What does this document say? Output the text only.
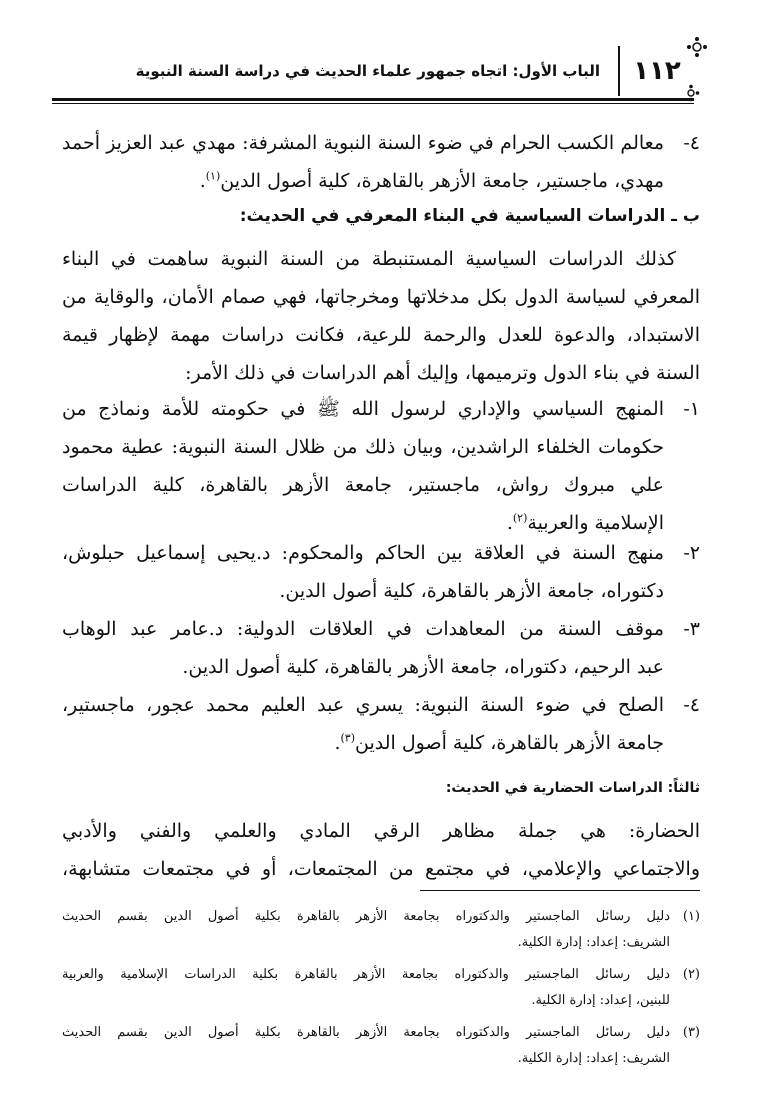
الباب الأول: اتجاه جمهور علماء الحديث في دراسة السنة النبوية	١١٢
٤-
معالم الكسب الحرام في ضوء السنة النبوية المشرفة: مهدي عبد العزيز أحمد
مهدي، ماجستير، جامعة الأزهر بالقاهرة، كلية أصول الدين$^{(١)}$.
ب ـ الدراسات السياسية في البناء المعرفي في الحديث:
كذلك الدراسات السياسية المستنبطة من السنة النبوية ساهمت في البناء
المعرفي لسياسة الدول بكل مدخلاتها ومخرجاتها، فهي صمام الأمان، والوقاية من
الاستبداد، والدعوة للعدل والرحمة للرعية، فكانت دراسات مهمة لإظهار قيمة
السنة في بناء الدول وترميمها، وإليك أهم الدراسات في ذلك الأمر:
١-
المنهج السياسي والإداري لرسول الله ﷺ في حكومته للأمة ونماذج من
حكومات الخلفاء الراشدين، وبيان ذلك من ظلال السنة النبوية: عطية محمود
علي مبروك رواش، ماجستير، جامعة الأزهر بالقاهرة، كلية الدراسات
الإسلامية والعربية$^{(٢)}$.
٢-
منهج السنة في العلاقة بين الحاكم والمحكوم: د.يحيى إسماعيل حبلوش،
دكتوراه، جامعة الأزهر بالقاهرة، كلية أصول الدين.
٣-
موقف السنة من المعاهدات في العلاقات الدولية: د.عامر عبد الوهاب
عبد الرحيم، دكتوراه، جامعة الأزهر بالقاهرة، كلية أصول الدين.
٤-
الصلح في ضوء السنة النبوية: يسري عبد العليم محمد عجور، ماجستير،
جامعة الأزهر بالقاهرة، كلية أصول الدين$^{(٣)}$.
ثالثاً: الدراسات الحضارية في الحديث:
الحضارة: هي جملة مظاهر الرقي المادي والعلمي والفني والأدبي
والاجتماعي والإعلامي، في مجتمع من المجتمعات، أو في مجتمعات متشابهة،
(١)
دليل رسائل الماجستير والدكتوراه بجامعة الأزهر بالقاهرة بكلية أصول الدين بقسم الحديث
الشريف: إعداد: إدارة الكلية.
(٢)
دليل رسائل الماجستير والدكتوراه بجامعة الأزهر بالقاهرة بكلية الدراسات الإسلامية والعربية
للبنين، إعداد: إدارة الكلية.
(٣)
دليل رسائل الماجستير والدكتوراه بجامعة الأزهر بالقاهرة بكلية أصول الدين بقسم الحديث
الشريف: إعداد: إدارة الكلية.
